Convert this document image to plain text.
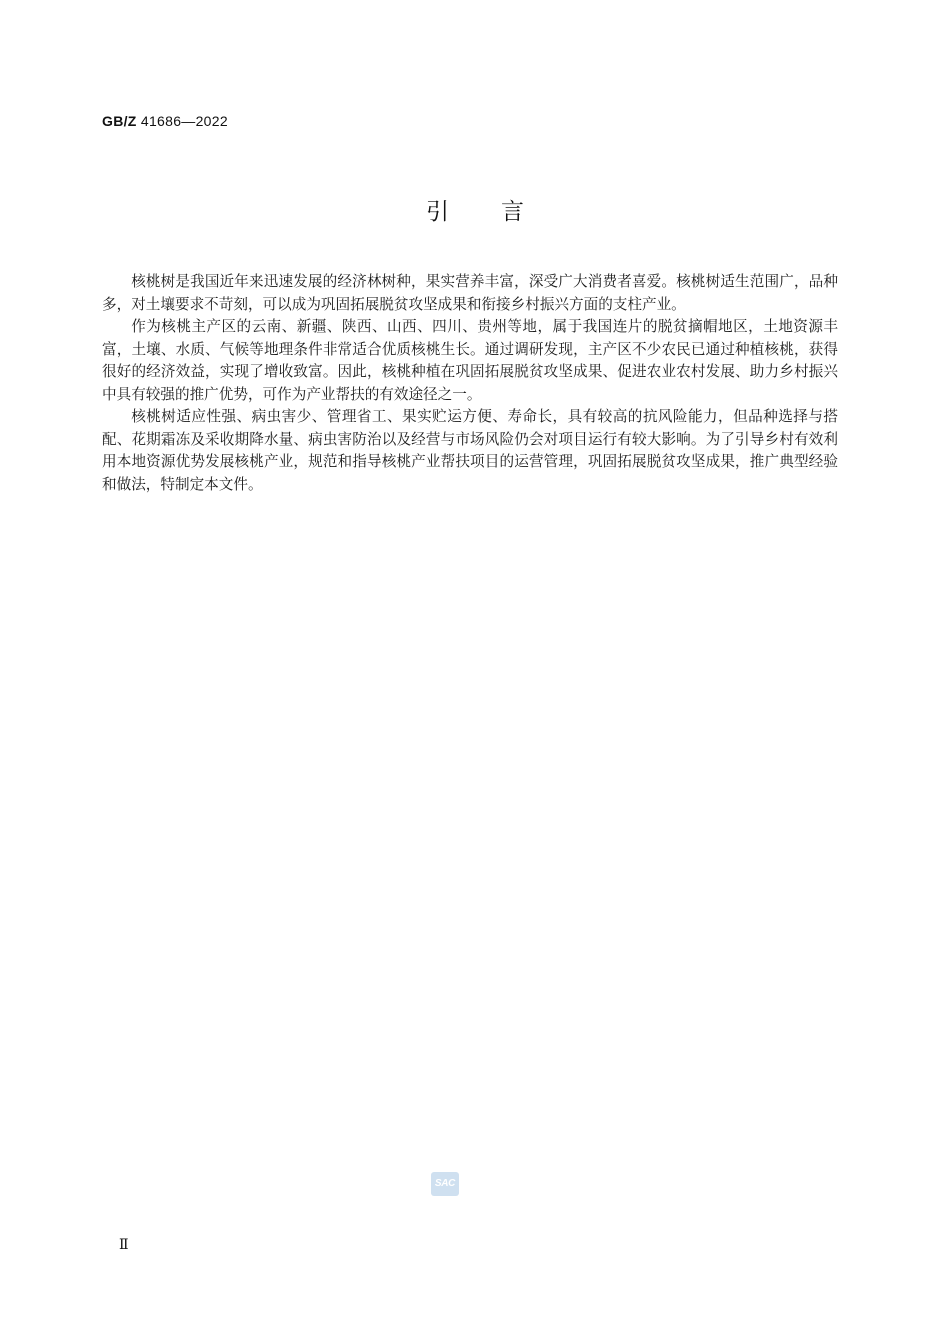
GB/Z 41686—2022
引言

核桃树是我国近年来迅速发展的经济林树种，果实营养丰富，深受广大消费者喜爱。核桃树适生范围广，品种多，对土壤要求不苛刻，可以成为巩固拓展脱贫攻坚成果和衔接乡村振兴方面的支柱产业。

作为核桃主产区的云南、新疆、陕西、山西、四川、贵州等地，属于我国连片的脱贫摘帽地区，土地资源丰富，土壤、水质、气候等地理条件非常适合优质核桃生长。通过调研发现，主产区不少农民已通过种植核桃，获得很好的经济效益，实现了增收致富。因此，核桃种植在巩固拓展脱贫攻坚成果、促进农业农村发展、助力乡村振兴中具有较强的推广优势，可作为产业帮扶的有效途径之一。

核桃树适应性强、病虫害少、管理省工、果实贮运方便、寿命长，具有较高的抗风险能力，但品种选择与搭配、花期霜冻及采收期降水量、病虫害防治以及经营与市场风险仍会对项目运行有较大影响。为了引导乡村有效利用本地资源优势发展核桃产业，规范和指导核桃产业帮扶项目的运营管理，巩固拓展脱贫攻坚成果，推广典型经验和做法，特制定本文件。

SAC
Ⅱ
